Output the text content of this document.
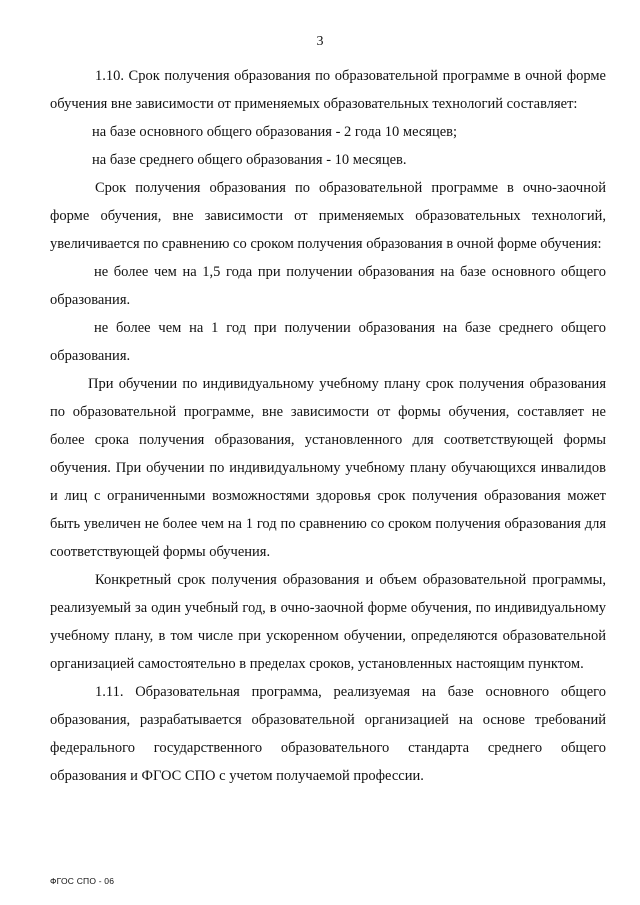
3

1.10. Срок получения образования по образовательной программе в очной форме обучения вне зависимости от применяемых образовательных технологий составляет:

на базе основного общего образования - 2 года 10 месяцев;

на базе среднего общего образования - 10 месяцев.

Срок получения образования по образовательной программе в очно-заочной форме обучения, вне зависимости от применяемых образовательных технологий, увеличивается по сравнению со сроком получения образования в очной форме обучения:

не более чем на 1,5 года при получении образования на базе основного общего образования.

не более чем на 1 год при получении образования на базе среднего общего образования.

При обучении по индивидуальному учебному плану срок получения образования по образовательной программе, вне зависимости от формы обучения, составляет не более срока получения образования, установленного для соответствующей формы обучения. При обучении по индивидуальному учебному плану обучающихся инвалидов и лиц с ограниченными возможностями здоровья срок получения образования может быть увеличен не более чем на 1 год по сравнению со сроком получения образования для соответствующей формы обучения.

Конкретный срок получения образования и объем образовательной программы, реализуемый за один учебный год, в очно-заочной форме обучения, по индивидуальному учебному плану, в том числе при ускоренном обучении, определяются образовательной организацией самостоятельно в пределах сроков, установленных настоящим пунктом.

1.11. Образовательная программа, реализуемая на базе основного общего образования, разрабатывается образовательной организацией на основе требований федерального государственного образовательного стандарта среднего общего образования и ФГОС СПО с учетом получаемой профессии.

ФГОС СПО - 06
